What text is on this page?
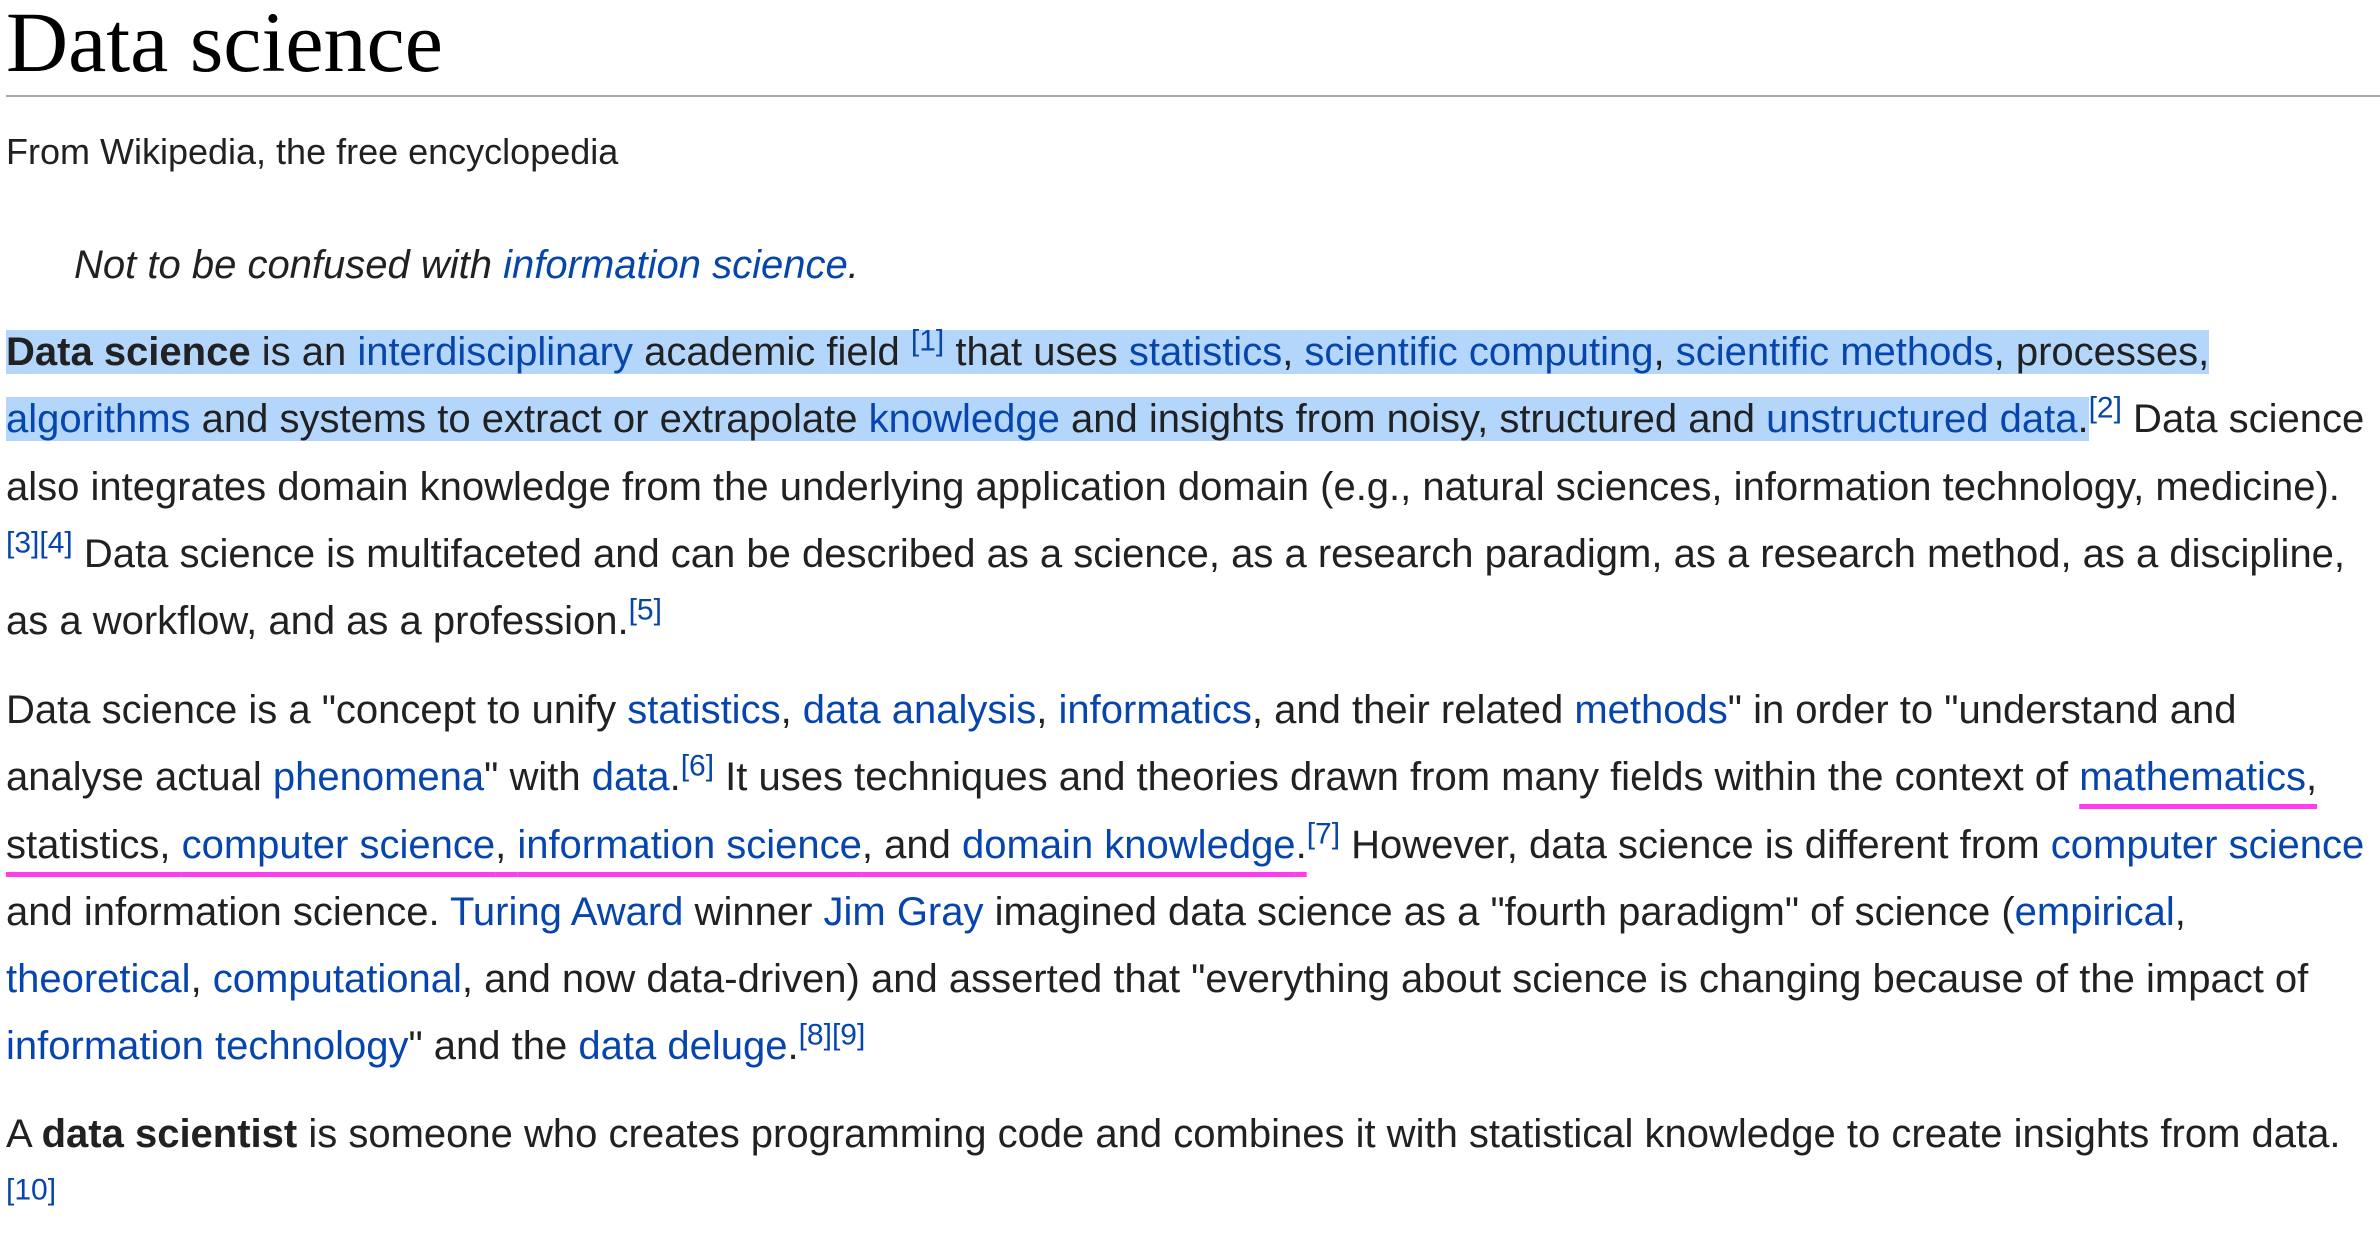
Data science
From Wikipedia, the free encyclopedia
Not to be confused with information science.

Data science is an interdisciplinary academic field [1] that uses statistics, scientific computing, scientific methods, processes, algorithms and systems to extract or extrapolate knowledge and insights from noisy, structured and unstructured data.[2] Data science also integrates domain knowledge from the underlying application domain (e.g., natural sciences, information technology, medicine).[3][4] Data science is multifaceted and can be described as a science, as a research paradigm, as a research method, as a discipline, as a workflow, and as a profession.[5]

Data science is a "concept to unify statistics, data analysis, informatics, and their related methods" in order to "understand and analyse actual phenomena" with data.[6] It uses techniques and theories drawn from many fields within the context of mathematics, statistics, computer science, information science, and domain knowledge.[7] However, data science is different from computer science and information science. Turing Award winner Jim Gray imagined data science as a "fourth paradigm" of science (empirical, theoretical, computational, and now data-driven) and asserted that "everything about science is changing because of the impact of information technology" and the data deluge.[8][9]

A data scientist is someone who creates programming code and combines it with statistical knowledge to create insights from data.[10]
